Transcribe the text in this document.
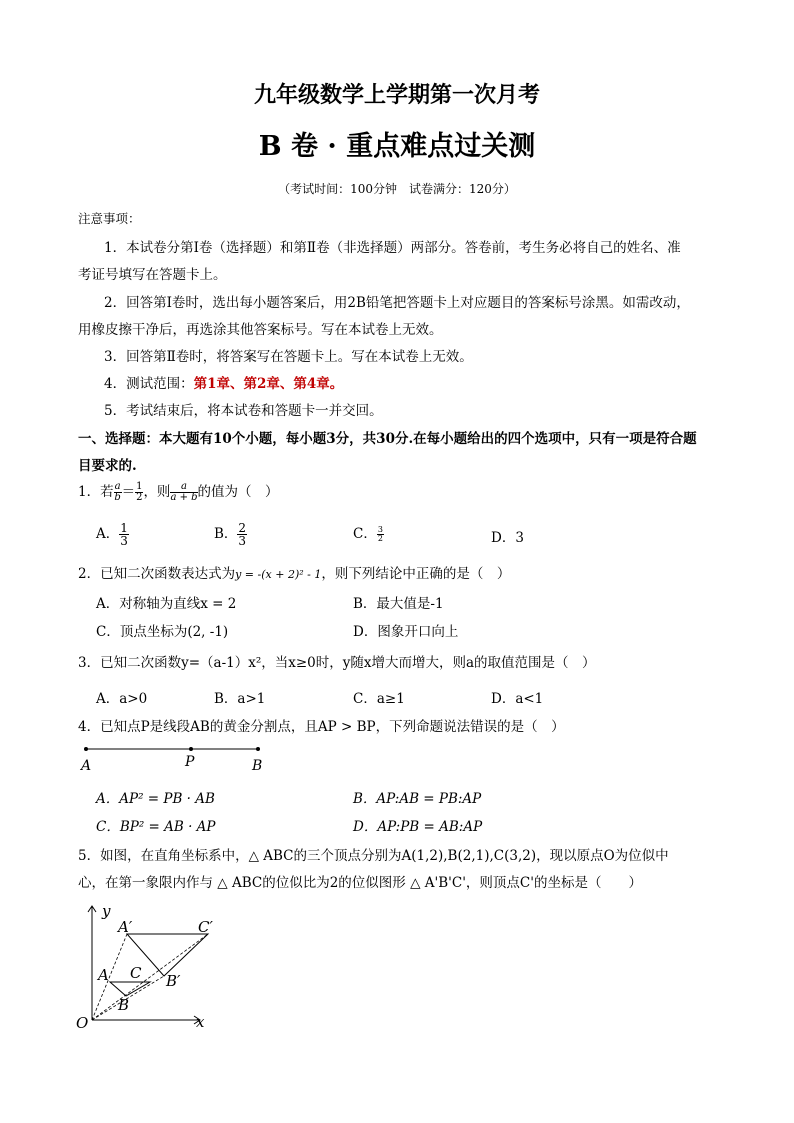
九年级数学上学期第一次月考
B 卷 · 重点难点过关测
（考试时间：100分钟　试卷满分：120分）
注意事项：
1．本试卷分第Ⅰ卷（选择题）和第Ⅱ卷（非选择题）两部分。答卷前，考生务必将自己的姓名、准
考证号填写在答题卡上。
2．回答第Ⅰ卷时，选出每小题答案后，用2B铅笔把答题卡上对应题目的答案标号涂黑。如需改动，
用橡皮擦干净后，再选涂其他答案标号。写在本试卷上无效。
3．回答第Ⅱ卷时，将答案写在答题卡上。写在本试卷上无效。
4．测试范围：第1章、第2章、第4章。
5．考试结束后，将本试卷和答题卡一并交回。
一、选择题：本大题有10个小题，每小题3分，共30分.在每小题给出的四个选项中，只有一项是符合题
目要求的.
1．若 $\frac{a}{b} = \frac{1}{2}$ ，则 $\frac{a}{a + b}$ 的值为（　）
A． $\frac{1}{3}$	B． $\frac{2}{3}$	C． $\frac{3}{2}$	D．3
2．已知二次函数表达式为y = -(x + 2)² - 1，则下列结论中正确的是（　）
A．对称轴为直线x = 2	B．最大值是-1
C．顶点坐标为(2, -1)	D．图象开口向上
3．已知二次函数y=（a-1）x²，当x≥0时，y随x增大而增大，则a的取值范围是（　）
A．a>0	B．a>1	C．a≥1	D．a<1
4．已知点P是线段AB的黄金分割点，且AP > BP，下列命题说法错误的是（　）
A	P	B
A．AP² = PB · AB	B．AP:AB = PB:AP
C．BP² = AB · AP	D．AP:PB = AB:AP
5．如图，在直角坐标系中，△ ABC的三个顶点分别为A(1,2),B(2,1),C(3,2)，现以原点O为位似中
心，在第一象限内作与 △ ABC的位似比为2的位似图形 △ A'B'C'，则顶点C'的坐标是（　　）
y
x
O
A C
B
A′	C′
B′
